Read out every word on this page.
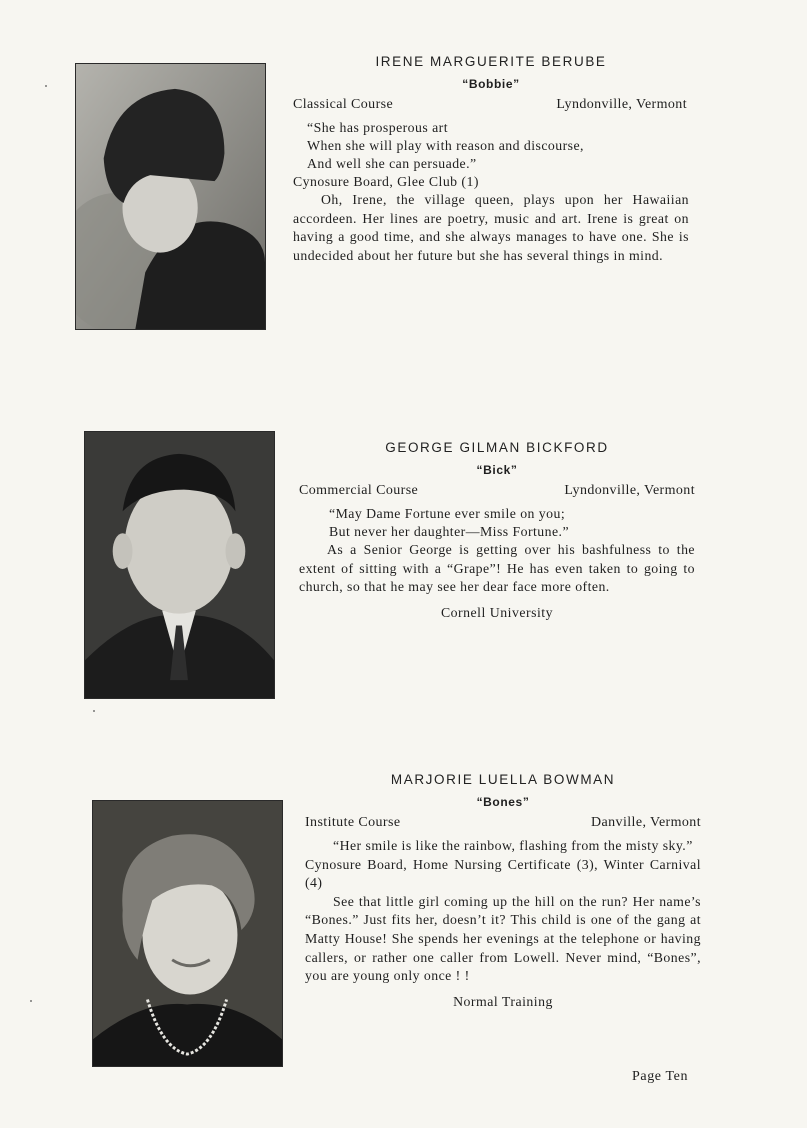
IRENE MARGUERITE BERUBE

“Bobbie”

Classical Course	Lyndonville, Vermont

“She has prosperous art

When she will play with reason and discourse,

And well she can persuade.”

Cynosure Board, Glee Club (1)

Oh, Irene, the village queen, plays upon her Hawaiian accordeen. Her lines are poetry, music and art. Irene is great on having a good time, and she always manages to have one. She is undecided about her future but she has several things in mind.

GEORGE GILMAN BICKFORD

“Bick”

Commercial Course	Lyndonville, Vermont

“May Dame Fortune ever smile on you;

But never her daughter—Miss Fortune.”

As a Senior George is getting over his bashfulness to the extent of sitting with a “Grape”! He has even taken to going to church, so that he may see her dear face more often.

Cornell University

MARJORIE LUELLA BOWMAN

“Bones”

Institute Course	Danville, Vermont

“Her smile is like the rainbow, flashing from the misty sky.”

Cynosure Board, Home Nursing Certificate (3), Winter Carnival (4)

See that little girl coming up the hill on the run? Her name’s “Bones.” Just fits her, doesn’t it? This child is one of the gang at Matty House! She spends her evenings at the telephone or having callers, or rather one caller from Lowell. Never mind, “Bones”, you are young only once ! !

Normal Training

Page Ten
